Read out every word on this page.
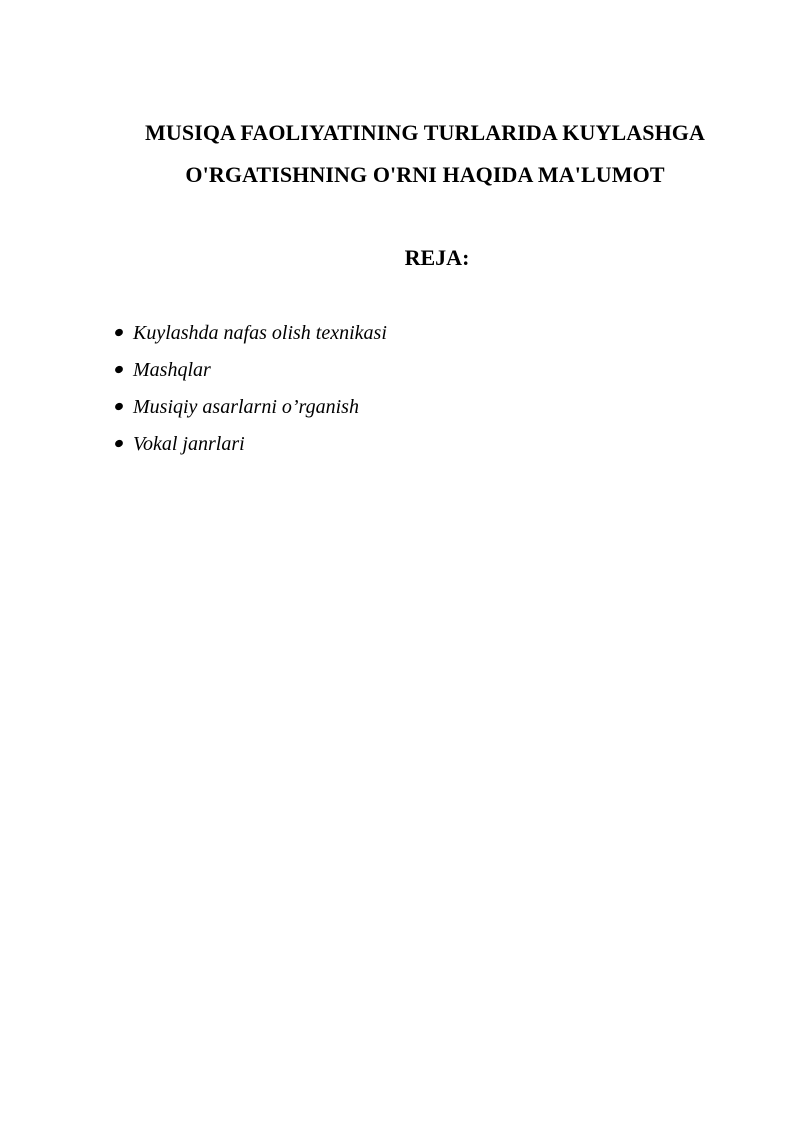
MUSIQA FAOLIYATINING TURLARIDA KUYLASHGA
O'RGATISHNING O'RNI HAQIDA MA'LUMOT
REJA:
Kuylashda nafas olish texnikasi
Mashqlar
Musiqiy asarlarni o’rganish
Vokal janrlari
